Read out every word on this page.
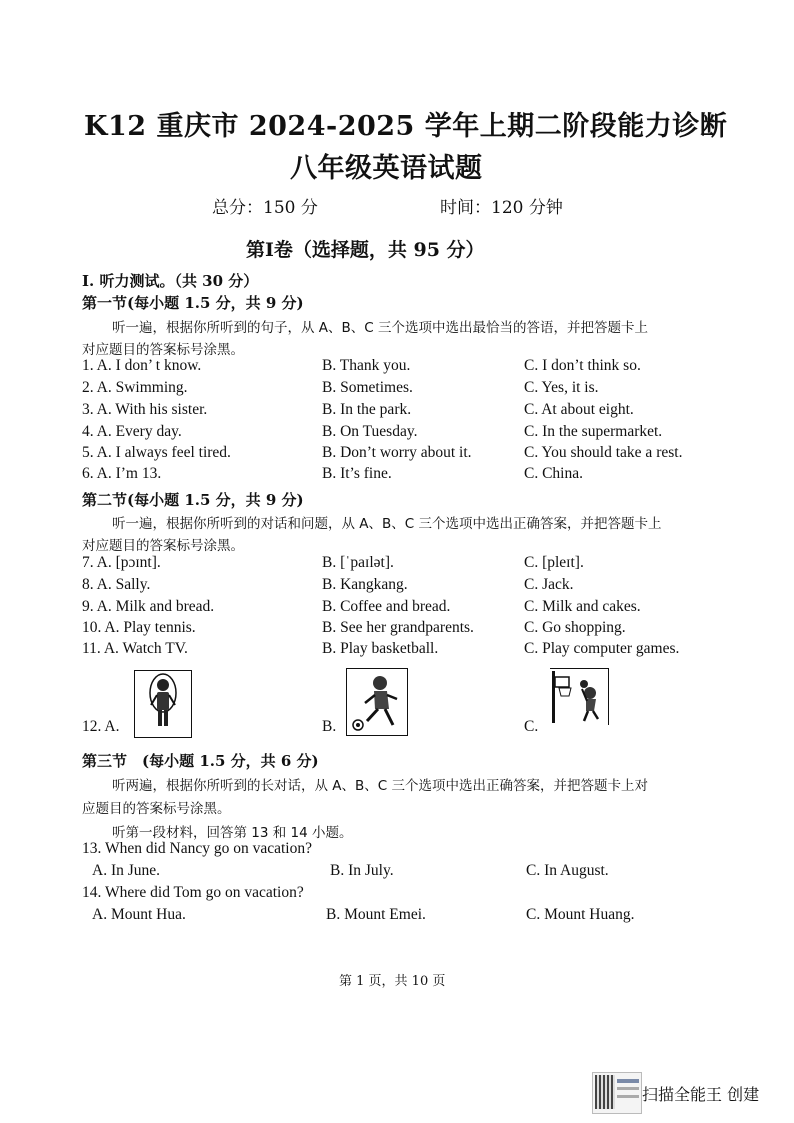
K12 重庆市 2024-2025 学年上期二阶段能力诊断
八年级英语试题
总分：150 分	时间：120 分钟
第Ⅰ卷（选择题，共 95 分）
I. 听力测试。（共 30 分）
第一节(每小题 1.5 分，共 9 分)
听一遍，根据你所听到的句子，从 A、B、C 三个选项中选出最恰当的答语，并把答题卡上
对应题目的答案标号涂黑。
1. A. I don’ t know.	B. Thank you.	C. I don’t think so.
2. A. Swimming.	B. Sometimes.	C. Yes, it is.
3. A. With his sister.	B. In the park.	C. At about eight.
4. A. Every day.	B. On Tuesday.	C. In the supermarket.
5. A. I always feel tired.	B. Don’t worry about it.	C. You should take a rest.
6. A. I’m 13.	B. It’s fine.	C. China.
第二节(每小题 1.5 分，共 9 分)
听一遍，根据你所听到的对话和问题，从 A、B、C 三个选项中选出正确答案，并把答题卡上
对应题目的答案标号涂黑。
7. A. [pɔɪnt].	B. [ˈpaɪlət].	C. [pleɪt].
8. A. Sally.	B. Kangkang.	C. Jack.
9. A. Milk and bread.	B. Coffee and bread.	C. Milk and cakes.
10. A. Play tennis.	B. See her grandparents.	C. Go shopping.
11. A. Watch TV.	B. Play basketball.	C. Play computer games.
12. A.	B.	C.
第三节　(每小题 1.5 分，共 6 分)
听两遍，根据你所听到的长对话，从 A、B、C 三个选项中选出正确答案，并把答题卡上对
应题目的答案标号涂黑。
听第一段材料，回答第 13 和 14 小题。
13. When did Nancy go on vacation?
A. In June.	B. In July.	C. In August.
14. Where did Tom go on vacation?
A. Mount Hua.	B. Mount Emei.	C. Mount Huang.
第 1 页，共 10 页
扫描全能王 创建
